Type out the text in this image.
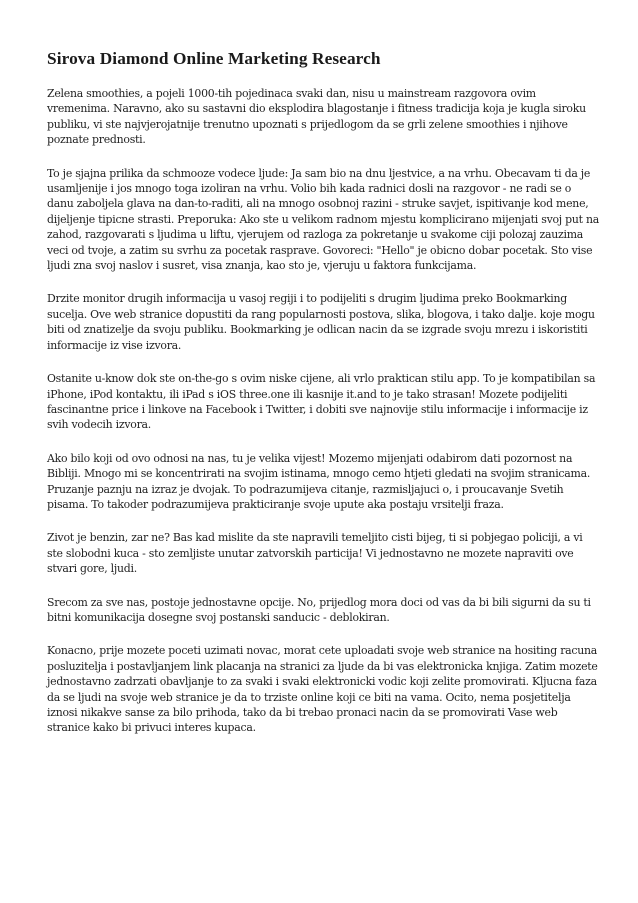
Sirova Diamond Online Marketing Research

Zelena smoothies, a pojeli 1000-tih pojedinaca svaki dan, nisu u mainstream razgovora ovim vremenima. Naravno, ako su sastavni dio eksplodira blagostanje i fitness tradicija koja je kugla siroku publiku, vi ste najvjerojatnije trenutno upoznati s prijedlogom da se grli zelene smoothies i njihove poznate prednosti.

To je sjajna prilika da schmooze vodece ljude: Ja sam bio na dnu ljestvice, a na vrhu. Obecavam ti da je usamljenije i jos mnogo toga izoliran na vrhu. Volio bih kada radnici dosli na razgovor - ne radi se o danu zaboljela glava na dan-to-raditi, ali na mnogo osobnoj razini - struke savjet, ispitivanje kod mene, dijeljenje tipicne strasti. Preporuka: Ako ste u velikom radnom mjestu komplicirano mijenjati svoj put na zahod, razgovarati s ljudima u liftu, vjerujem od razloga za pokretanje u svakome ciji polozaj zauzima veci od tvoje, a zatim su svrhu za pocetak rasprave. Govoreci: "Hello" je obicno dobar pocetak. Sto vise ljudi zna svoj naslov i susret, visa znanja, kao sto je, vjeruju u faktora funkcijama.

Drzite monitor drugih informacija u vasoj regiji i to podijeliti s drugim ljudima preko Bookmarking sucelja. Ove web stranice dopustiti da rang popularnosti postova, slika, blogova, i tako dalje. koje mogu biti od znatizelje da svoju publiku. Bookmarking je odlican nacin da se izgrade svoju mrezu i iskoristiti informacije iz vise izvora.

Ostanite u-know dok ste on-the-go s ovim niske cijene, ali vrlo praktican stilu app. To je kompatibilan sa iPhone, iPod kontaktu, ili iPad s iOS three.one ili kasnije it.and to je tako strasan! Mozete podijeliti fascinantne price i linkove na Facebook i Twitter, i dobiti sve najnovije stilu informacije i informacije iz svih vodecih izvora.

Ako bilo koji od ovo odnosi na nas, tu je velika vijest! Mozemo mijenjati odabirom dati pozornost na Bibliji. Mnogo mi se koncentrirati na svojim istinama, mnogo cemo htjeti gledati na svojim stranicama. Pruzanje paznju na izraz je dvojak. To podrazumijeva citanje, razmisljajuci o, i proucavanje Svetih pisama. To takoder podrazumijeva prakticiranje svoje upute aka postaju vrsitelji fraza.

Zivot je benzin, zar ne? Bas kad mislite da ste napravili temeljito cisti bijeg, ti si pobjegao policiji, a vi ste slobodni kuca - sto zemljiste unutar zatvorskih particija! Vi jednostavno ne mozete napraviti ove stvari gore, ljudi.

Srecom za sve nas, postoje jednostavne opcije. No, prijedlog mora doci od vas da bi bili sigurni da su ti bitni komunikacija dosegne svoj postanski sanducic - deblokiran.

Konacno, prije mozete poceti uzimati novac, morat cete uploadati svoje web stranice na hositing racuna posluzitelja i postavljanjem link placanja na stranici za ljude da bi vas elektronicka knjiga. Zatim mozete jednostavno zadrzati obavljanje to za svaki i svaki elektronicki vodic koji zelite promovirati. Kljucna faza da se ljudi na svoje web stranice je da to trziste online koji ce biti na vama. Ocito, nema posjetitelja iznosi nikakve sanse za bilo prihoda, tako da bi trebao pronaci nacin da se promovirati Vase web stranice kako bi privuci interes kupaca.
